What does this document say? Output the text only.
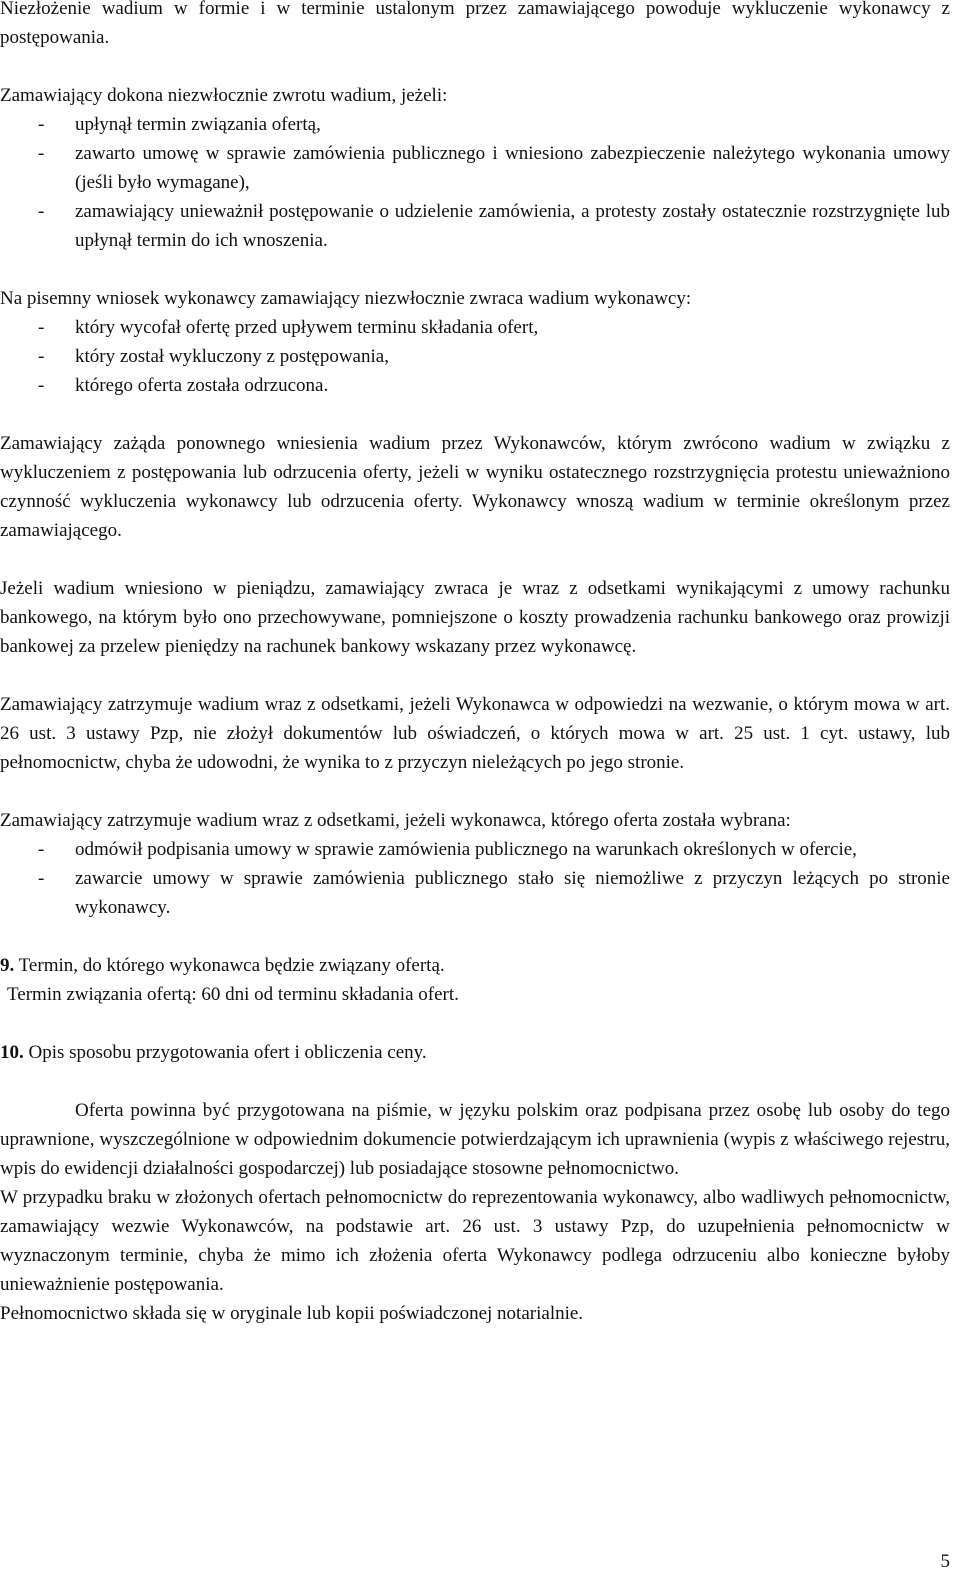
Niezłożenie wadium w formie i w terminie ustalonym przez zamawiającego powoduje wykluczenie wykonawcy z postępowania.

Zamawiający dokona niezwłocznie zwrotu wadium, jeżeli:

- upłynął termin związania ofertą,
- zawarto umowę w sprawie zamówienia publicznego i wniesiono zabezpieczenie należytego wykonania umowy (jeśli było wymagane),
- zamawiający unieważnił postępowanie o udzielenie zamówienia, a protesty zostały ostatecznie rozstrzygnięte lub upłynął termin do ich wnoszenia.

Na pisemny wniosek wykonawcy zamawiający niezwłocznie zwraca wadium wykonawcy:

- który wycofał ofertę przed upływem terminu składania ofert,
- który został wykluczony z postępowania,
- którego oferta została odrzucona.

Zamawiający zażąda ponownego wniesienia wadium przez Wykonawców, którym zwrócono wadium w związku z wykluczeniem z postępowania lub odrzucenia oferty, jeżeli w wyniku ostatecznego rozstrzygnięcia protestu unieważniono czynność wykluczenia wykonawcy lub odrzucenia oferty. Wykonawcy wnoszą wadium w terminie określonym przez zamawiającego.

Jeżeli wadium wniesiono w pieniądzu, zamawiający zwraca je wraz z odsetkami wynikającymi z umowy rachunku bankowego, na którym było ono przechowywane, pomniejszone o koszty prowadzenia rachunku bankowego oraz prowizji bankowej za przelew pieniędzy na rachunek bankowy wskazany przez wykonawcę.

Zamawiający zatrzymuje wadium wraz z odsetkami, jeżeli Wykonawca w odpowiedzi na wezwanie, o którym mowa w art. 26 ust. 3 ustawy Pzp, nie złożył dokumentów lub oświadczeń, o których mowa w art. 25 ust. 1 cyt. ustawy, lub pełnomocnictw, chyba że udowodni, że wynika to z przyczyn nieleżących po jego stronie.

Zamawiający zatrzymuje wadium wraz z odsetkami, jeżeli wykonawca, którego oferta została wybrana:

- odmówił podpisania umowy w sprawie zamówienia publicznego na warunkach określonych w ofercie,
- zawarcie umowy w sprawie zamówienia publicznego stało się niemożliwe z przyczyn leżących po stronie wykonawcy.

9. Termin, do którego wykonawca będzie związany ofertą.

Termin związania ofertą: 60 dni od terminu składania ofert.

10. Opis sposobu przygotowania ofert i obliczenia ceny.

Oferta powinna być przygotowana na piśmie, w języku polskim oraz podpisana przez osobę lub osoby do tego uprawnione, wyszczególnione w odpowiednim dokumencie potwierdzającym ich uprawnienia (wypis z właściwego rejestru, wpis do ewidencji działalności gospodarczej) lub posiadające stosowne pełnomocnictwo.

W przypadku braku w złożonych ofertach pełnomocnictw do reprezentowania wykonawcy, albo wadliwych pełnomocnictw, zamawiający wezwie Wykonawców, na podstawie art. 26 ust. 3 ustawy Pzp, do uzupełnienia pełnomocnictw w wyznaczonym terminie, chyba że mimo ich złożenia oferta Wykonawcy podlega odrzuceniu albo konieczne byłoby unieważnienie postępowania.

Pełnomocnictwo składa się w oryginale lub kopii poświadczonej notarialnie.

5
